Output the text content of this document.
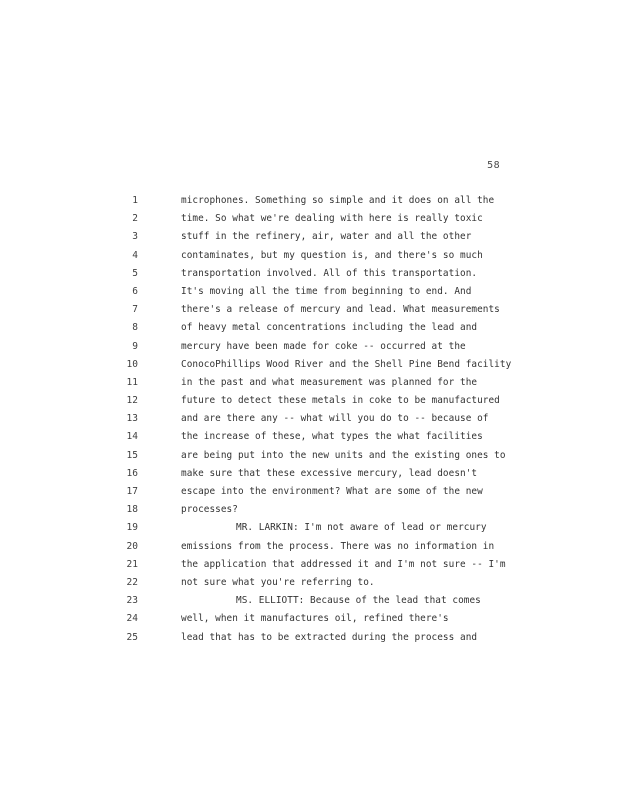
58
1	microphones. Something so simple and it does on all the
2	time. So what we're dealing with here is really toxic
3	stuff in the refinery, air, water and all the other
4	contaminates, but my question is, and there's so much
5	transportation involved. All of this transportation.
6	It's moving all the time from beginning to end. And
7	there's a release of mercury and lead. What measurements
8	of heavy metal concentrations including the lead and
9	mercury have been made for coke -- occurred at the
10	ConocoPhillips Wood River and the Shell Pine Bend facility
11	in the past and what measurement was planned for the
12	future to detect these metals in coke to be manufactured
13	and are there any -- what will you do to -- because of
14	the increase of these, what types the what facilities
15	are being put into the new units and the existing ones to
16	make sure that these excessive mercury, lead doesn't
17	escape into the environment? What are some of the new
18	processes?
19	MR. LARKIN: I'm not aware of lead or mercury
20	emissions from the process. There was no information in
21	the application that addressed it and I'm not sure -- I'm
22	not sure what you're referring to.
23	MS. ELLIOTT: Because of the lead that comes
24	well, when it manufactures oil, refined there's
25	lead that has to be extracted during the process and
